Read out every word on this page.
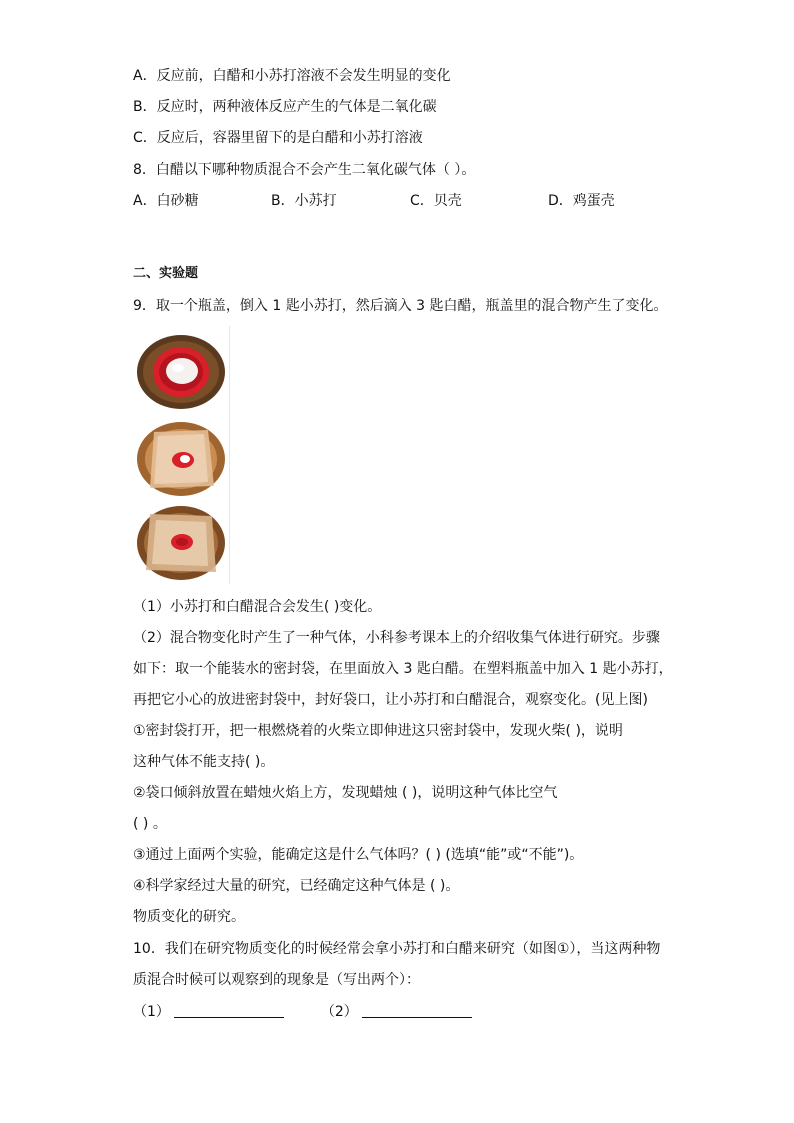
A．反应前，白醋和小苏打溶液不会发生明显的变化
B．反应时，两种液体反应产生的气体是二氧化碳
C．反应后，容器里留下的是白醋和小苏打溶液
8．白醋以下哪种物质混合不会产生二氧化碳气体（ ）。
A．白砂糖	B．小苏打	C．贝壳	D．鸡蛋壳
二、实验题
9．取一个瓶盖，倒入 1 匙小苏打，然后滴入 3 匙白醋，瓶盖里的混合物产生了变化。
（1）小苏打和白醋混合会发生( )变化。
（2）混合物变化时产生了一种气体，小科参考课本上的介绍收集气体进行研究。步骤
如下：取一个能装水的密封袋，在里面放入 3 匙白醋。在塑料瓶盖中加入 1 匙小苏打，
再把它小心的放进密封袋中，封好袋口，让小苏打和白醋混合，观察变化。(见上图)
①密封袋打开，把一根燃烧着的火柴立即伸进这只密封袋中，发现火柴( )，说明
这种气体不能支持( )。
②袋口倾斜放置在蜡烛火焰上方，发现蜡烛 ( )，说明这种气体比空气
( ) 。
③通过上面两个实验，能确定这是什么气体吗？( ) (选填“能”或“不能”)。
④科学家经过大量的研究，已经确定这种气体是 ( )。
物质变化的研究。
10．我们在研究物质变化的时候经常会拿小苏打和白醋来研究（如图①），当这两种物
质混合时候可以观察到的现象是（写出两个）：
（1）	（2）
